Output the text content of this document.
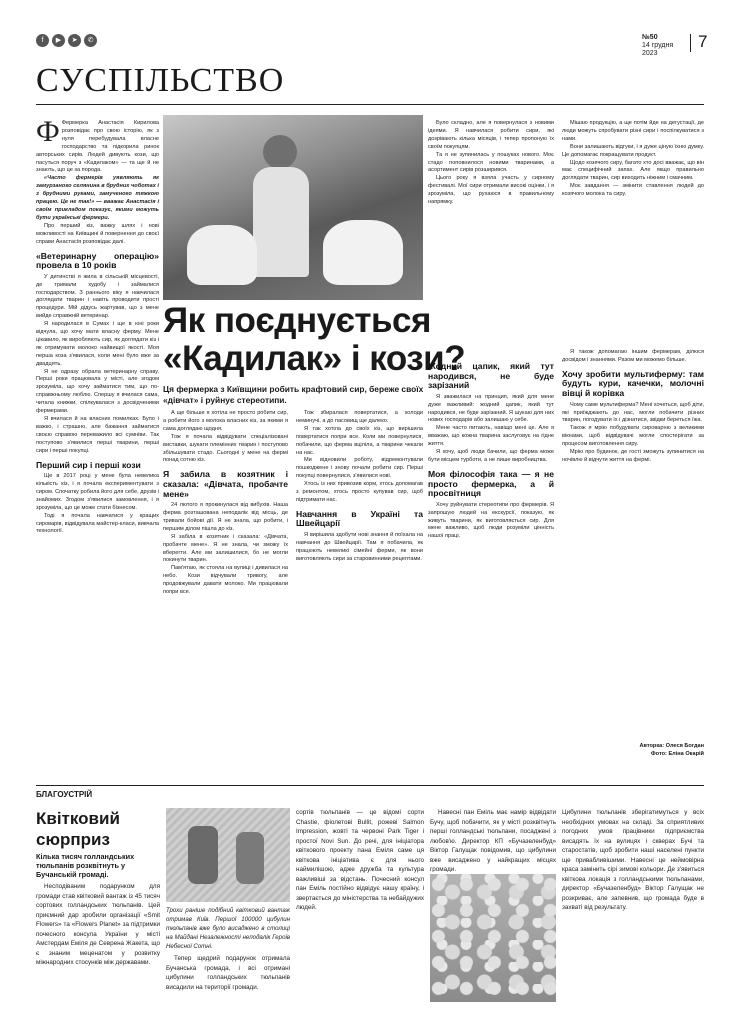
f	▶	➤	✆	№50
14 грудня 2023
7
СУСПІЛЬСТВО

Ф Фермерка Анастасія Кирилова розповідає про свою історію, як з нуля перебудувала власне господарство та підкорила ринок авторських сирів. Людей дивують кози, що пасуться поруч з «Кадилаком» — та ще й не знають, що це за порода.

«Часто фермерів уявляють як замурзаного селянина в брудних чоботах і з брудними руками, замученого тяжкою працею. Це не так!» — вважає Анастасія і своїм прикладом показує, якими можуть бути українські фермери.

Про перший кіз, важку шлях і нові можливості на Київщині й повернення до своєї справи Анастасія розповідає далі.

«Ветеринарну операцію» провела в 10 років

У дитинстві я жила в сільській місцевості, де тримали худобу і займалися господарством. З раннього віку я навчилася доглядати тварин і навіть проводити прості процедури. Мій дідусь жартував, що з мене вийде справжній ветеринар.

Я народилася в Сумах і ще в юні роки відчула, що хочу мати власну ферму. Мене цікавило, як виробляють сир, як доглядати кіз і як отримувати молоко найвищої якості. Моя перша коза з'явилася, коли мені було вже за двадцять.

Я не одразу обрала ветеринарну справу. Перші роки працювала у місті, але згодом зрозуміла, що хочу займатися тим, що по-справжньому люблю. Спершу я вчилася сама, читала книжки, спілкувалася з досвідченими фермерами.

Я вчилася й на власних помилках. Було і важко, і страшно, але бажання займатися своєю справою переважило всі сумніви. Так поступово з'явилися перші тварини, перші сири і перші покупці.

Перший сир і перші кози

Ще в 2017 році у мене була невелика кількість кіз, і я почала експериментувати з сиром. Спочатку робила його для себе, друзів і знайомих. Згодом з'явилися замовлення, і я зрозуміла, що це може стати бізнесом.

Тоді я почала навчатися у кращих сироварів, відвідувала майстер-класи, вивчала технології.

Як поєднується
«Кадилак» і кози?
Ця фермерка з Київщини робить крафтовий сир, береже своїх «дівчат» і руйнує стереотипи.

А ще більше я хотіла не просто робити сир, а робити його з молока власних кіз, за якими я сама доглядаю щодня.

Тож я почала відвідувати спеціалізовані виставки, шукати племінних тварин і поступово збільшувати стадо. Сьогодні у мене на фермі понад сотню кіз.

Я забила в козятник і сказала: «Дівчата, пробачте мене»

24 лютого я прокинулася від вибухів. Наша ферма розташована неподалік від місць, де тривали бойові дії. Я не знала, що робити, і першим ділом пішла до кіз.

Я забіла в козятник і сказала: «Дівчата, пробачте мене». Я не знала, чи зможу їх вберегти. Але ми залишилися, бо не могли покинути тварин.

Пам'ятаю, як стояла на вулиці і дивилася на небо. Кози відчували тривогу, але продовжували давати молоко. Ми працювали попри все.

Тож збиралася повертатися, а холоди неминучі, а до пасовищ ще далеко.

Я так хотіла до своїх кіз, що вирішила повертатися попри все. Коли ми повернулися, побачили, що ферма вціліла, а тварини чекали на нас.

Ми відновили роботу, відремонтували пошкоджене і знову почали робити сир. Перші покупці повернулися, з'явилися нові.

Хтось із них привозив корм, хтось допомагав з ремонтом, хтось просто купував сир, щоб підтримати нас.

Навчання в Україні та Швейцарії

Я вирішила здобути нові знання й поїхала на навчання до Швейцарії. Там я побачила, як працюють невеликі сімейні ферми, як вони виготовляють сири за старовинними рецептами.

Було складно, але я повернулася з новими ідеями. Я навчилася робити сири, які дозрівають кілька місяців, і тепер пропоную їх своїм покупцям.

Та я не зупинилась у пошуках нового. Моє стадо поповнилося новими тваринами, а асортимент сирів розширився.

Цього року я взяла участь у сирному фестивалі. Мої сири отримали високі оцінки, і я зрозуміла, що рухаюся в правильному напрямку.

Жодний цапик, який тут народився, не буде зарізаний

Я зважилася на принцип, який для мене дуже важливий: жодний цапик, який тут народився, не буде зарізаний. Я шукаю для них нових господарів або залишаю у себе.

Мене часто питають, навіщо мені це. Але я вважаю, що кожна тварина заслуговує на гідне життя.

Я хочу, щоб люди бачили, що ферма може бути місцем турботи, а не лише виробництва.

Моя філософія така — я не просто фермерка, а й просвітниця

Хочу руйнувати стереотипи про фермерів. Я запрошую людей на екскурсії, показую, як живуть тварини, як виготовляється сир. Для мене важливо, щоб люди розуміли цінність нашої праці.

Мішаю продукцію, а ще потім йде на дегустації, де люди можуть спробувати різні сири і поспілкуватися з нами.

Вони залишають відгуки, і я дуже ціную їхню думку. Це допомагає покращувати продукт.

Щодо козячого сиру, багато хто досі вважає, що він має специфічний запах. Але якщо правильно доглядати тварин, сир виходить ніжним і смачним.

Моє завдання — змінити ставлення людей до козячого молока та сиру.

Я також допомагаю іншим фермерам, ділюся досвідом і знаннями. Разом ми можемо більше.

Хочу зробити мультиферму: там будуть кури, качечки, молочні вівці й корівка

Чому саме мультиферма? Мені хочеться, щоб діти, які приїжджають до нас, могли побачити різних тварин, погодувати їх і дізнатися, звідки береться їжа.

Також я мрію побудувати сироварню з великими вікнами, щоб відвідувачі могли спостерігати за процесом виготовлення сиру.

Мрію про будинок, де гості зможуть зупинитися на ночівлю й відчути життя на фермі.

Авторка: Олеся Богдан
Фото: Еліна Окарій
БЛАГОУСТРІЙ
Квітковий
сюрприз
Кілька тисяч голландських тюльпанів розквітнуть у Бучанській громаді.

Несподіваним подарунком для громади став квітковий вантаж із 45 тисяч сортових голландських тюльпанів. Цей приємний дар зробили організації «Smit Flowers» та «Flowers Planet» за підтримки почесного консула України у місті Амстердам Еміля де Севрена Жакета, що є знаним меценатом у розвитку міжнародних стосунків між державами.

Трохи раніше подібний квітковий вантаж отримав Київ. Першої 100000 цибулин тюльпанів вже було висаджено в столиці на Майдані Незалежності неподалік Героїв Небесної Сотні.

Тепер щедрий подарунок отримала Бучанська громада, і всі отримані цибулини голландських тюльпанів висадили на території громади.

сортів тюльпанів — це відомі сорти Chastie, фіолетові Bullit, рожеві Salmon Impression, жовті та червоні Park Tiger і простої Novi Sun. До речі, для ініціатора квіткового проекту пана Еміля саме ця квіткова ініціатива є для нього наймилішою, адже дружба та культура важливіші за відстань. Почесний консул пан Еміль постійно відвідує нашу країну, і звертається до міністерства та небайдужих людей.

Навесні пан Еміль має намір відвідати Бучу, щоб побачити, як у місті розквітнуть перші голландські тюльпани, посаджені з любов'ю. Директор КП «Бучазеленбуд» Віктор Галущак повідомив, що цибулини вже висаджено у найкращих місцях громади.

Цибулини тюльпанів зберігатимуться у всіх необхідних умовах на складі. За сприятливих погодних умов працівники підприємства висадять їх на вулицях і скверах Бучі та старостатів, щоб зробити наші населені пункти ще привабливішими. Навесні це неймовірна краса замінить сірі зимові кольори. Де з'явиться квіткова локація з голландськими тюльпанами, директор «Бучазеленбуд» Віктор Галущак не розкриває, але запевнив, що громада буде в захваті від результату.
